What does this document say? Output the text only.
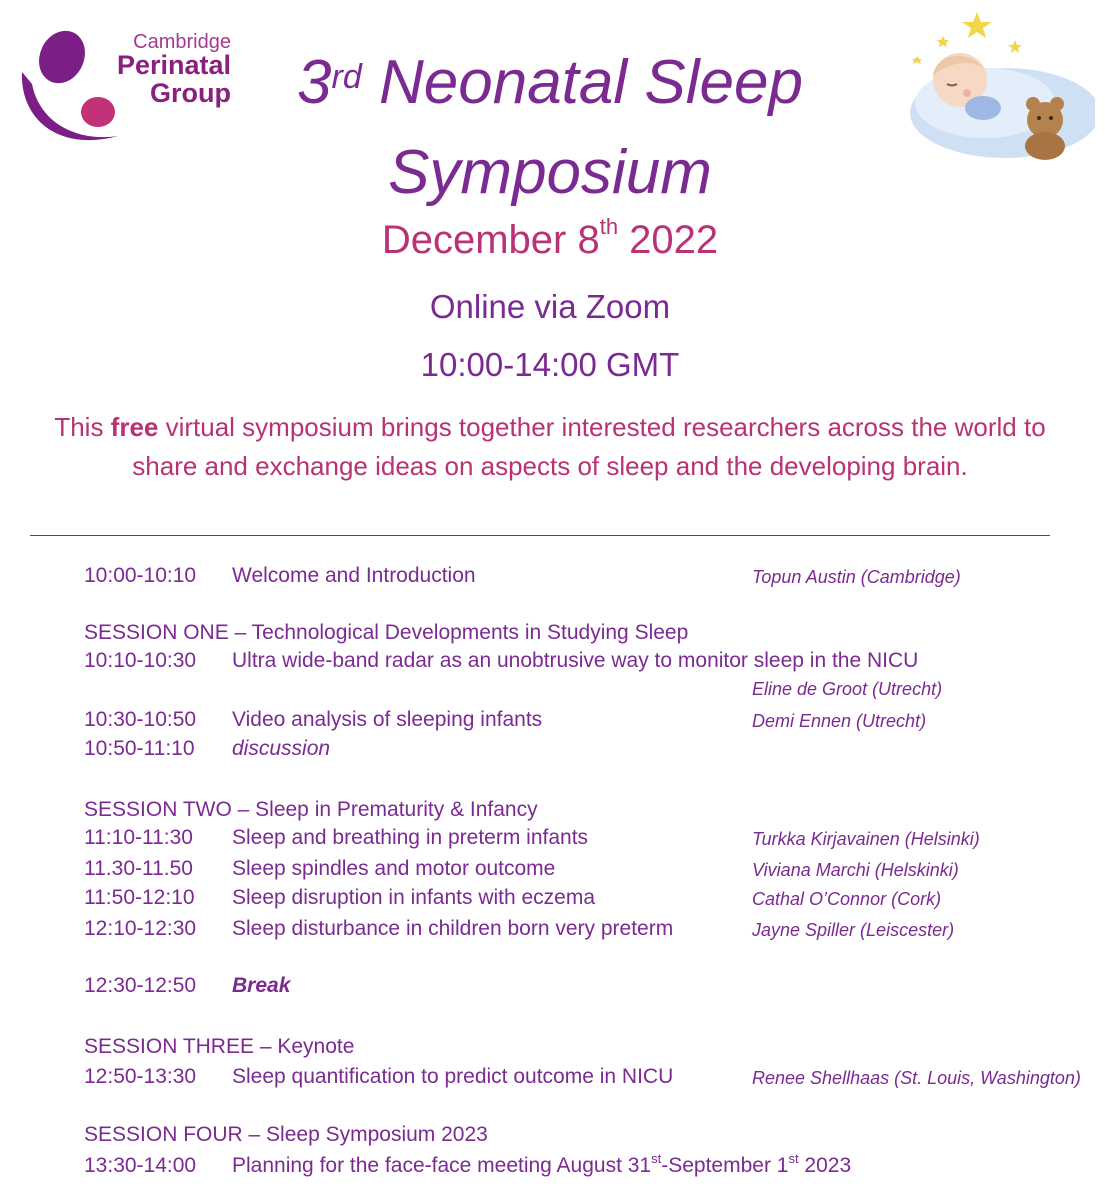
Cambridge
Perinatal
Group	3rd Neonatal Sleep
Symposium
December 8th 2022
Online via Zoom
10:00-14:00 GMT
This free virtual symposium brings together interested researchers across the world to share and exchange ideas on aspects of sleep and the developing brain.
10:00-10:10 Welcome and Introduction	Topun Austin (Cambridge)
SESSION ONE – Technological Developments in Studying Sleep
10:10-10:30 Ultra wide-band radar as an unobtrusive way to monitor sleep in the NICU
Eline de Groot (Utrecht)
10:30-10:50 Video analysis of sleeping infants	Demi Ennen (Utrecht)
10:50-11:10 discussion
SESSION TWO – Sleep in Prematurity & Infancy
11:10-11:30 Sleep and breathing in preterm infants	Turkka Kirjavainen (Helsinki)
11.30-11.50 Sleep spindles and motor outcome	Viviana Marchi (Helskinki)
11:50-12:10 Sleep disruption in infants with eczema	Cathal O’Connor (Cork)
12:10-12:30 Sleep disturbance in children born very preterm	Jayne Spiller (Leiscester)
12:30-12:50 Break
SESSION THREE – Keynote
12:50-13:30 Sleep quantification to predict outcome in NICU	Renee Shellhaas (St. Louis, Washington)
SESSION FOUR – Sleep Symposium 2023
13:30-14:00 Planning for the face-face meeting August 31st-September 1st 2023
